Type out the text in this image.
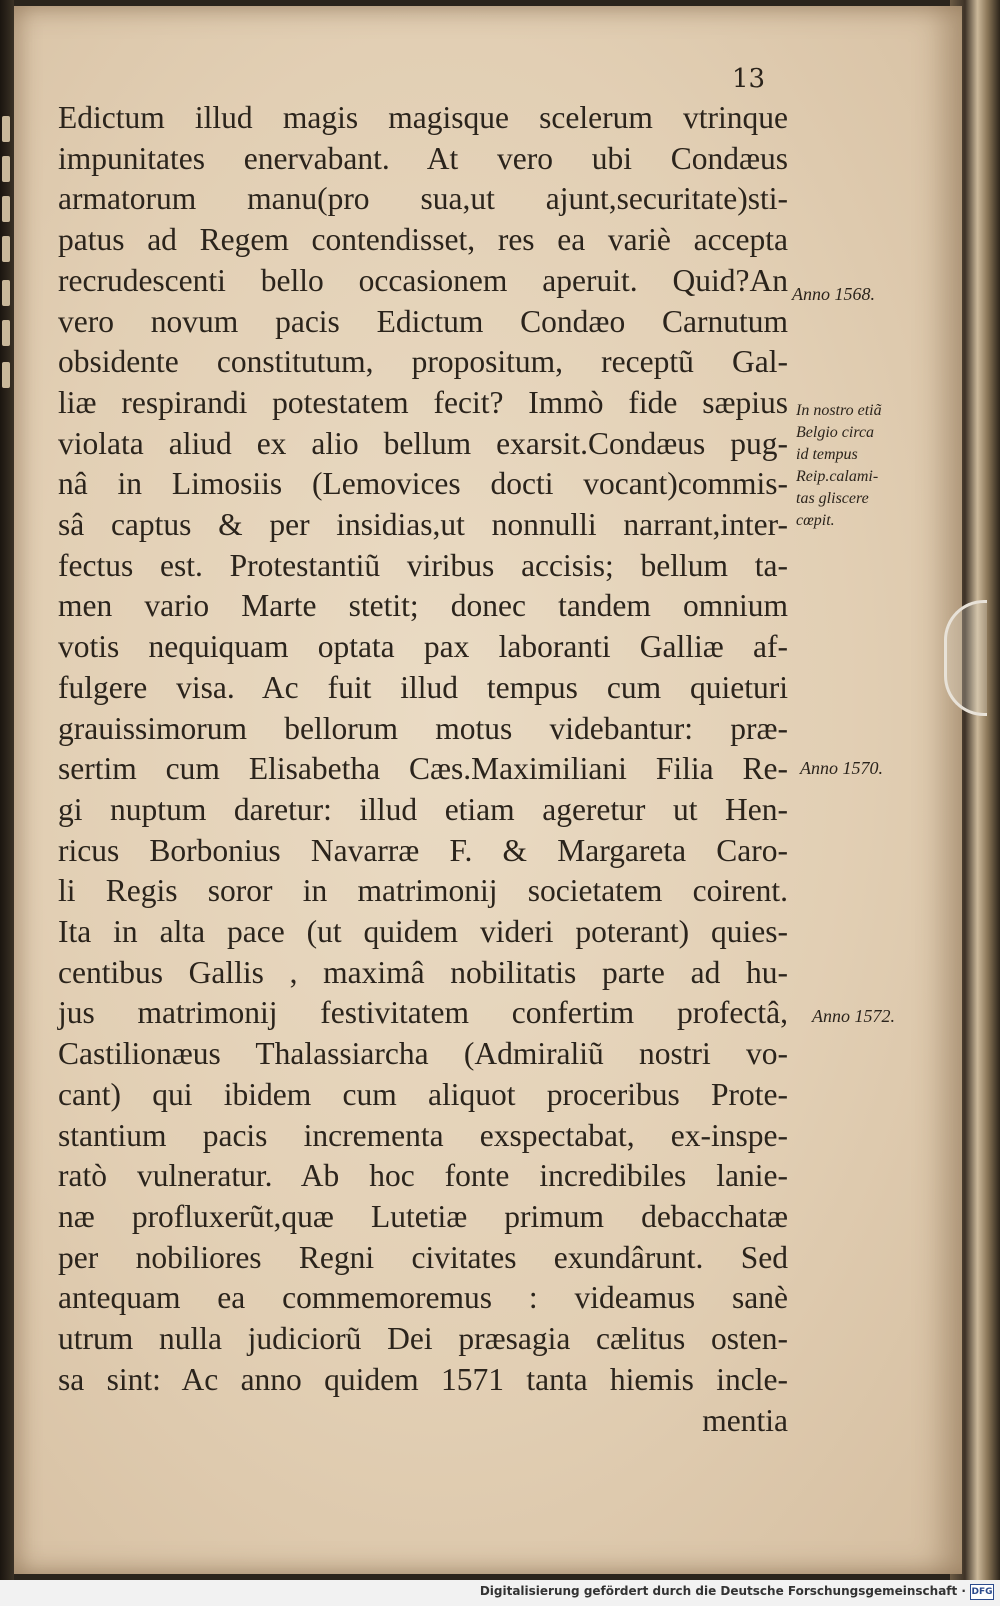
13
Edictum illud magis magisque scelerum vtrinque
impunitates enervabant. At vero ubi Condæus
armatorum manu(pro sua,ut ajunt,securitate)sti-
patus ad Regem contendisset, res ea variè accepta
recrudescenti bello occasionem aperuit. Quid?An
vero novum pacis Edictum Condæo Carnutum
obsidente constitutum, propositum, receptũ Gal-
liæ respirandi potestatem fecit? Immò fide sæpius
violata aliud ex alio bellum exarsit.Condæus pug-
nâ in Limosiis (Lemovices docti vocant)commis-
sâ captus & per insidias,ut nonnulli narrant,inter-
fectus est. Protestantiũ viribus accisis; bellum ta-
men vario Marte stetit; donec tandem omnium
votis nequiquam optata pax laboranti Galliæ af-
fulgere visa. Ac fuit illud tempus cum quieturi
grauissimorum bellorum motus videbantur: præ-
sertim cum Elisabetha Cæs.Maximiliani Filia Re-
gi nuptum daretur: illud etiam ageretur ut Hen-
ricus Borbonius Navarræ F. & Margareta Caro-
li Regis soror in matrimonij societatem coirent.
Ita in alta pace (ut quidem videri poterant) quies-
centibus Gallis , maximâ nobilitatis parte ad hu-
jus matrimonij festivitatem confertim profectâ,
Castilionæus Thalassiarcha (Admiraliũ nostri vo-
cant) qui ibidem cum aliquot proceribus Prote-
stantium pacis incrementa exspectabat, ex-inspe-
ratò vulneratur. Ab hoc fonte incredibiles lanie-
næ profluxerũt,quæ Lutetiæ primum debacchatæ
per nobiliores Regni civitates exundârunt. Sed
antequam ea commemoremus : videamus sanè
utrum nulla judiciorũ Dei præsagia cælitus osten-
sa sint: Ac anno quidem 1571 tanta hiemis incle-
mentia
Anno 1568.
In nostro etiã
Belgio circa
id tempus
Reip.calami-
tas gliscere
cœpit.
Anno 1570.
Anno 1572.
Digitalisierung gefördert durch die Deutsche Forschungsgemeinschaft · DFG
